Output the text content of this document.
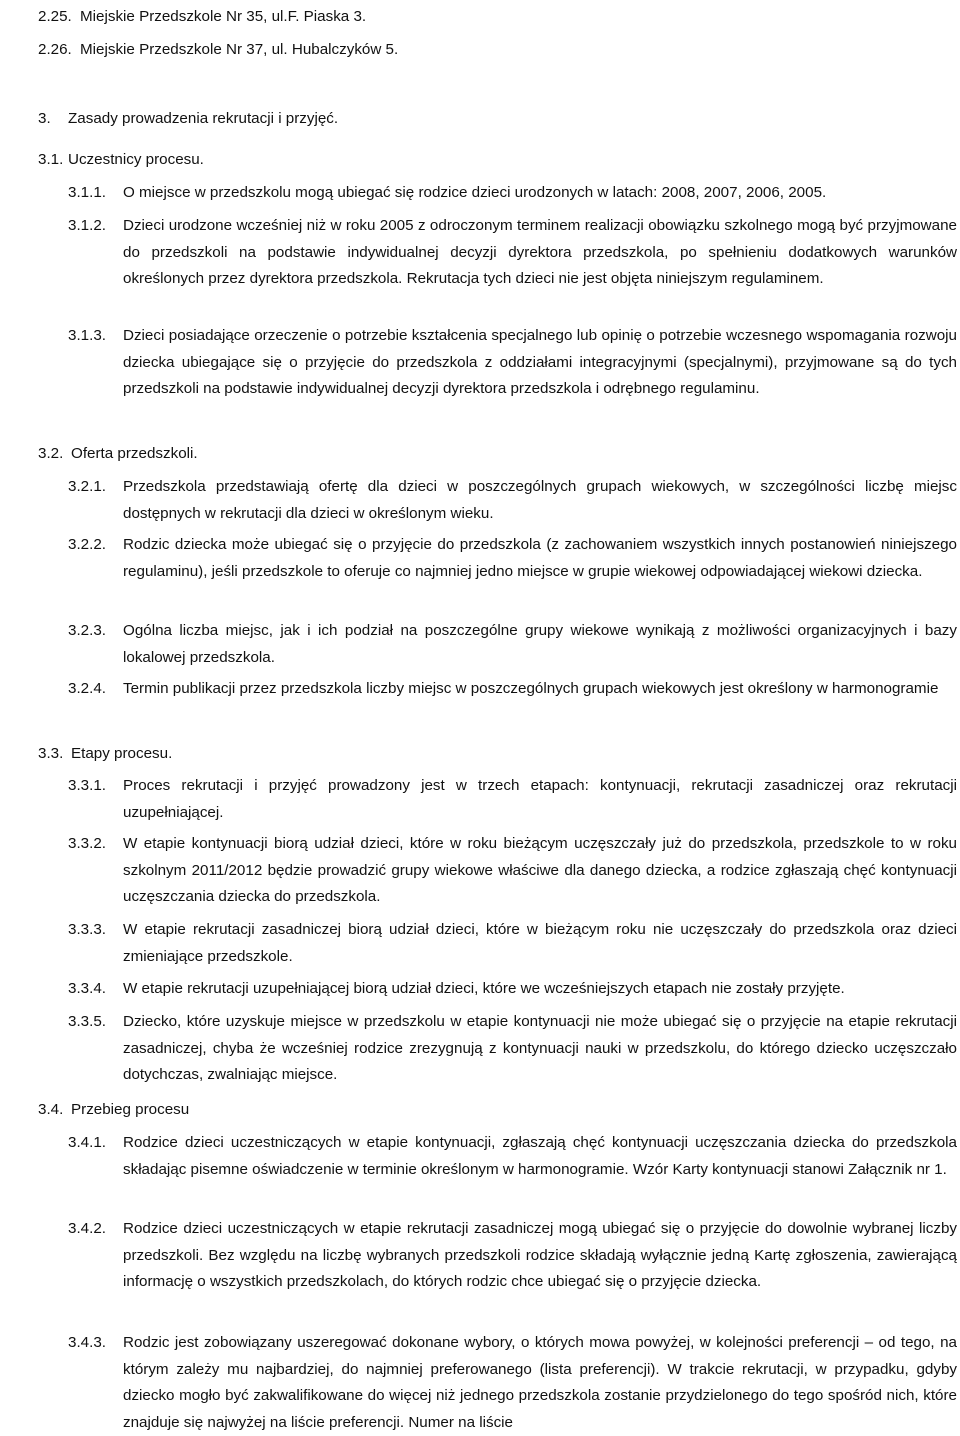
2.25. Miejskie Przedszkole Nr 35, ul.F. Piaska 3.
2.26. Miejskie Przedszkole Nr 37, ul. Hubalczyków 5.
3. Zasady prowadzenia rekrutacji i przyjęć.
3.1. Uczestnicy procesu.
3.1.1. O miejsce w przedszkolu mogą ubiegać się rodzice dzieci urodzonych w latach: 2008, 2007, 2006, 2005.
3.1.2. Dzieci urodzone wcześniej niż w roku 2005 z odroczonym terminem realizacji obowiązku szkolnego mogą być przyjmowane do przedszkoli na podstawie indywidualnej decyzji dyrektora przedszkola, po spełnieniu dodatkowych warunków określonych przez dyrektora przedszkola. Rekrutacja tych dzieci nie jest objęta niniejszym regulaminem.
3.1.3. Dzieci posiadające orzeczenie o potrzebie kształcenia specjalnego lub opinię o potrzebie wczesnego wspomagania rozwoju dziecka ubiegające się o przyjęcie do przedszkola z oddziałami integracyjnymi (specjalnymi), przyjmowane są do tych przedszkoli na podstawie indywidualnej decyzji dyrektora przedszkola i odrębnego regulaminu.
3.2. Oferta przedszkoli.
3.2.1. Przedszkola przedstawiają ofertę dla dzieci w poszczególnych grupach wiekowych, w szczególności liczbę miejsc dostępnych w rekrutacji dla dzieci w określonym wieku.
3.2.2. Rodzic dziecka może ubiegać się o przyjęcie do przedszkola (z zachowaniem wszystkich innych postanowień niniejszego regulaminu), jeśli przedszkole to oferuje co najmniej jedno miejsce w grupie wiekowej odpowiadającej wiekowi dziecka.
3.2.3. Ogólna liczba miejsc, jak i ich podział na poszczególne grupy wiekowe wynikają z możliwości organizacyjnych i bazy lokalowej przedszkola.
3.2.4. Termin publikacji przez przedszkola liczby miejsc w poszczególnych grupach wiekowych jest określony w harmonogramie
3.3. Etapy procesu.
3.3.1. Proces rekrutacji i przyjęć prowadzony jest w trzech etapach: kontynuacji, rekrutacji zasadniczej oraz rekrutacji uzupełniającej.
3.3.2. W etapie kontynuacji biorą udział dzieci, które w roku bieżącym uczęszczały już do przedszkola, przedszkole to w roku szkolnym 2011/2012 będzie prowadzić grupy wiekowe właściwe dla danego dziecka, a rodzice zgłaszają chęć kontynuacji uczęszczania dziecka do przedszkola.
3.3.3. W etapie rekrutacji zasadniczej biorą udział dzieci, które w bieżącym roku nie uczęszczały do przedszkola oraz dzieci zmieniające przedszkole.
3.3.4. W etapie rekrutacji uzupełniającej biorą udział dzieci, które we wcześniejszych etapach nie zostały przyjęte.
3.3.5. Dziecko, które uzyskuje miejsce w przedszkolu w etapie kontynuacji nie może ubiegać się o przyjęcie na etapie rekrutacji zasadniczej, chyba że wcześniej rodzice zrezygnują z kontynuacji nauki w przedszkolu, do którego dziecko uczęszczało dotychczas, zwalniając miejsce.
3.4. Przebieg procesu
3.4.1. Rodzice dzieci uczestniczących w etapie kontynuacji, zgłaszają chęć kontynuacji uczęszczania dziecka do przedszkola składając pisemne oświadczenie w terminie określonym w harmonogramie. Wzór Karty kontynuacji stanowi Załącznik nr 1.
3.4.2. Rodzice dzieci uczestniczących w etapie rekrutacji zasadniczej mogą ubiegać się o przyjęcie do dowolnie wybranej liczby przedszkoli. Bez względu na liczbę wybranych przedszkoli rodzice składają wyłącznie jedną Kartę zgłoszenia, zawierającą informację o wszystkich przedszkolach, do których rodzic chce ubiegać się o przyjęcie dziecka.
3.4.3. Rodzic jest zobowiązany uszeregować dokonane wybory, o których mowa powyżej, w kolejności preferencji – od tego, na którym zależy mu najbardziej, do najmniej preferowanego (lista preferencji). W trakcie rekrutacji, w przypadku, gdyby dziecko mogło być zakwalifikowane do więcej niż jednego przedszkola zostanie przydzielonego do tego spośród nich, które znajduje się najwyżej na liście preferencji. Numer na liście
